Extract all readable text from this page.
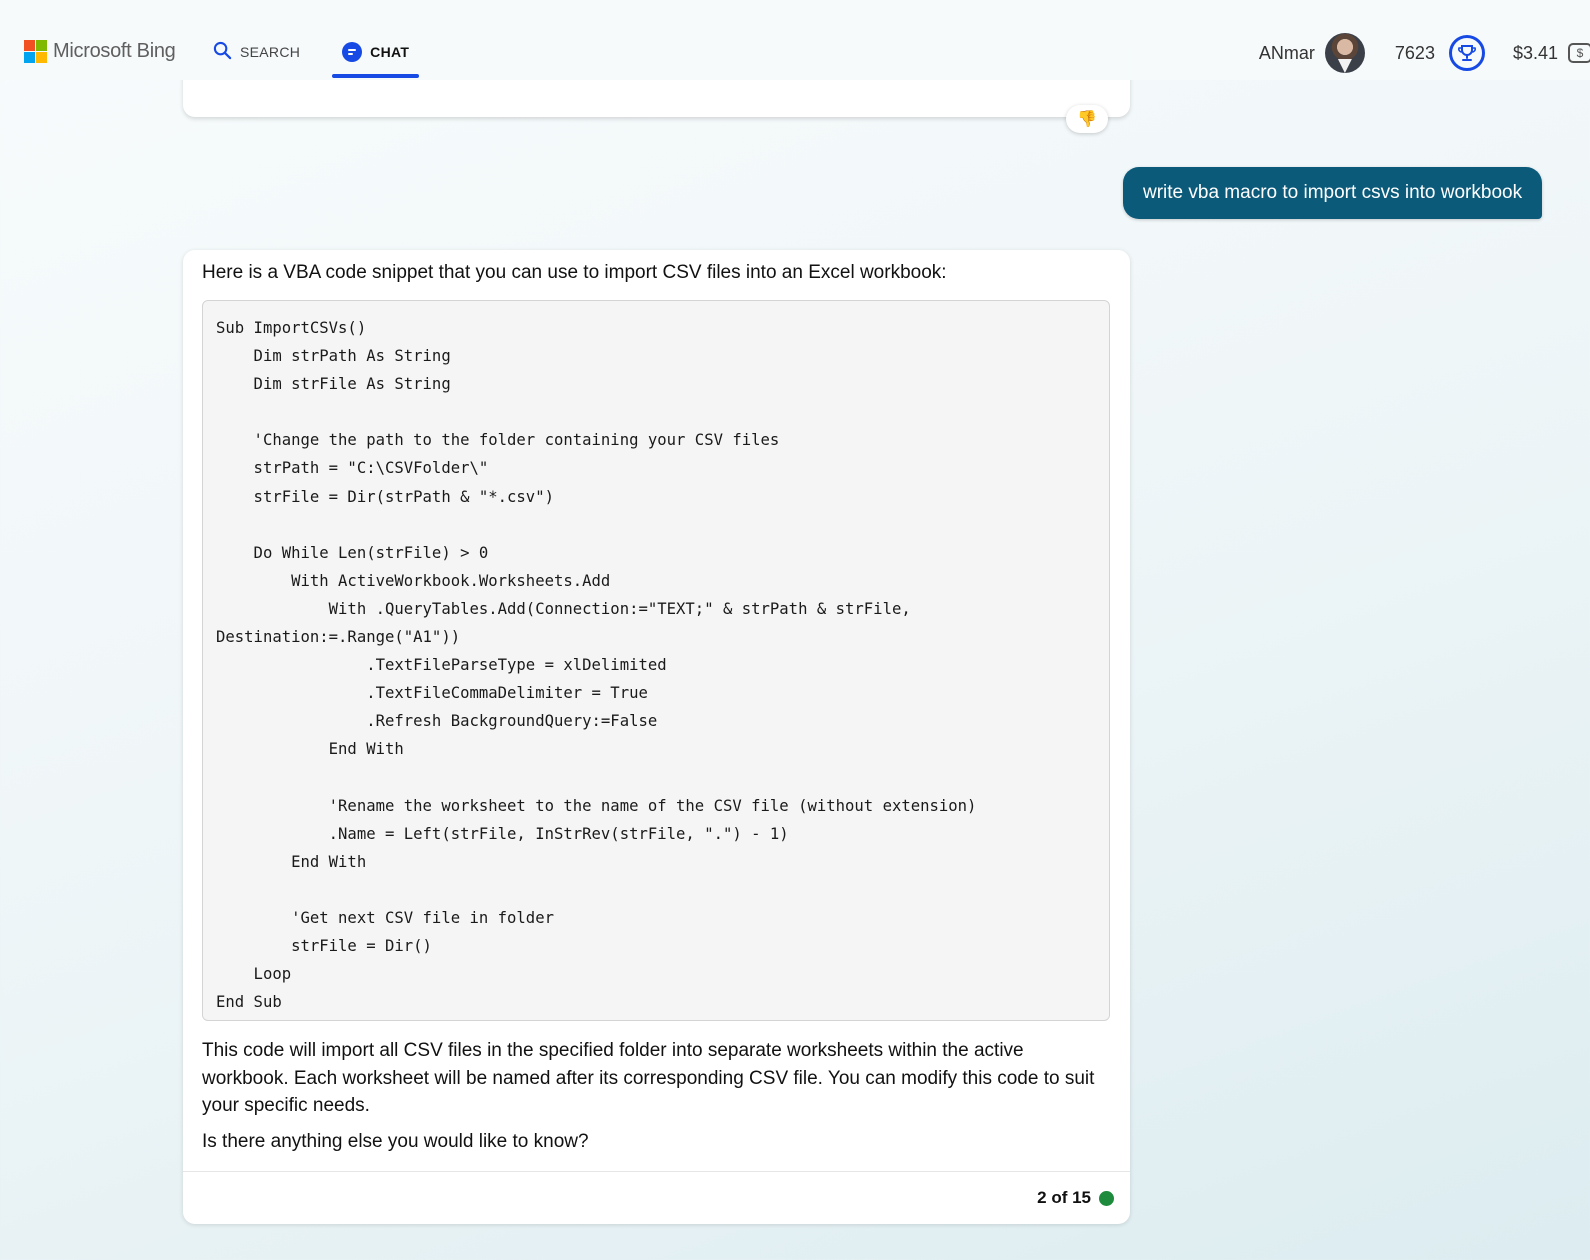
Microsoft Bing	SEARCH	CHAT	ANmar	7623	$3.41	$
👎
write vba macro to import csvs into workbook
Here is a VBA code snippet that you can use to import CSV files into an Excel workbook:
Sub ImportCSVs()
Dim strPath As String
Dim strFile As String

'Change the path to the folder containing your CSV files
strPath = "C:\CSVFolder\"
strFile = Dir(strPath & "*.csv")

Do While Len(strFile) > 0
With ActiveWorkbook.Worksheets.Add
With .QueryTables.Add(Connection:="TEXT;" & strPath & strFile,
Destination:=.Range("A1"))
.TextFileParseType = xlDelimited
.TextFileCommaDelimiter = True
.Refresh BackgroundQuery:=False
End With

'Rename the worksheet to the name of the CSV file (without extension)
.Name = Left(strFile, InStrRev(strFile, ".") - 1)
End With

'Get next CSV file in folder
strFile = Dir()
Loop
End Sub
This code will import all CSV files in the specified folder into separate worksheets within the active workbook. Each worksheet will be named after its corresponding CSV file. You can modify this code to suit your specific needs.
Is there anything else you would like to know?
2 of 15
